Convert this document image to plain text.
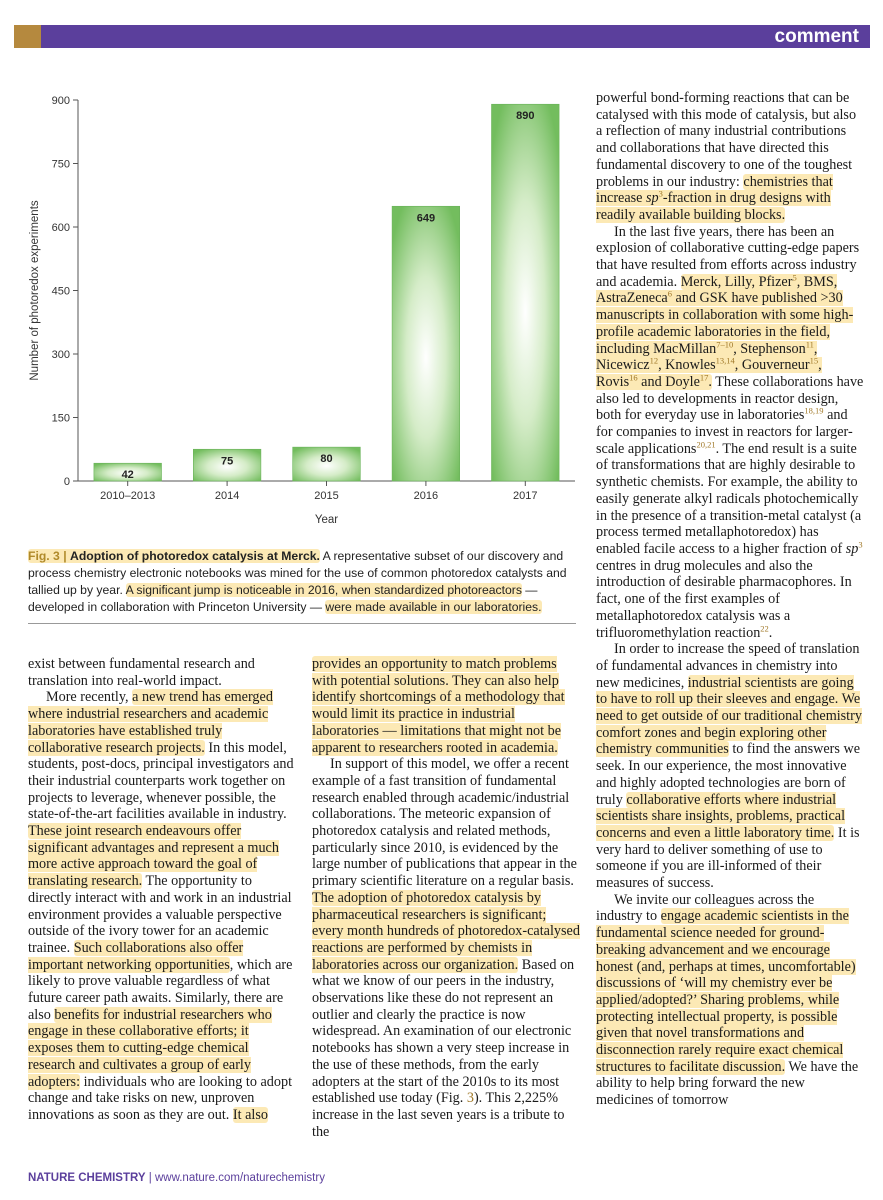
comment
0
150
300
450
600
750
900
42
2010–2013
75
2014
80
2015
649
2016
890
2017
Year
Number of photoredox experiments

Fig. 3 | Adoption of photoredox catalysis at Merck. A representative subset of our discovery and process chemistry electronic notebooks was mined for the use of common photoredox catalysts and tallied up by year. A significant jump is noticeable in 2016, when standardized photoreactors — developed in collaboration with Princeton University — were made available in our laboratories.

powerful bond-forming reactions that can be catalysed with this mode of catalysis, but also a reflection of many industrial contributions and collaborations that have directed this fundamental discovery to one of the toughest problems in our industry: chemistries that increase $sp^3$-fraction in drug designs with readily available building blocks.

In the last five years, there has been an explosion of collaborative cutting-edge papers that have resulted from efforts across industry and academia. Merck, Lilly, Pfizer$^5$, BMS, AstraZeneca$^6$ and GSK have published >30 manuscripts in collaboration with some high-profile academic laboratories in the field, including MacMillan$^{7-10}$, Stephenson$^{11}$, Nicewicz$^{12}$, Knowles$^{13,14}$, Gouverneur$^{15}$, Rovis$^{16}$ and Doyle$^{17}$. These collaborations have also led to developments in reactor design, both for everyday use in laboratories$^{18,19}$ and for companies to invest in reactors for larger-scale applications$^{20,21}$. The end result is a suite of transformations that are highly desirable to synthetic chemists. For example, the ability to easily generate alkyl radicals photochemically in the presence of a transition-metal catalyst (a process termed metallaphotoredox) has enabled facile access to a higher fraction of $sp^3$ centres in drug molecules and also the introduction of desirable pharmacophores. In fact, one of the first examples of metallaphotoredox catalysis was a trifluoromethylation reaction$^{22}$.

In order to increase the speed of translation of fundamental advances in chemistry into new medicines, industrial scientists are going to have to roll up their sleeves and engage. We need to get outside of our traditional chemistry comfort zones and begin exploring other chemistry communities to find the answers we seek. In our experience, the most innovative and highly adopted technologies are born of truly collaborative efforts where industrial scientists share insights, problems, practical concerns and even a little laboratory time. It is very hard to deliver something of use to someone if you are ill-informed of their measures of success.

We invite our colleagues across the industry to engage academic scientists in the fundamental science needed for ground-breaking advancement and we encourage honest (and, perhaps at times, uncomfortable) discussions of ‘will my chemistry ever be applied/adopted?’ Sharing problems, while protecting intellectual property, is possible given that novel transformations and disconnection rarely require exact chemical structures to facilitate discussion. We have the ability to help bring forward the new medicines of tomorrow

exist between fundamental research and translation into real-world impact.

More recently, a new trend has emerged where industrial researchers and academic laboratories have established truly collaborative research projects. In this model, students, post-docs, principal investigators and their industrial counterparts work together on projects to leverage, whenever possible, the state-of-the-art facilities available in industry. These joint research endeavours offer significant advantages and represent a much more active approach toward the goal of translating research. The opportunity to directly interact with and work in an industrial environment provides a valuable perspective outside of the ivory tower for an academic trainee. Such collaborations also offer important networking opportunities, which are likely to prove valuable regardless of what future career path awaits. Similarly, there are also benefits for industrial researchers who engage in these collaborative efforts; it exposes them to cutting-edge chemical research and cultivates a group of early adopters: individuals who are looking to adopt change and take risks on new, unproven innovations as soon as they are out. It also

provides an opportunity to match problems with potential solutions. They can also help identify shortcomings of a methodology that would limit its practice in industrial laboratories — limitations that might not be apparent to researchers rooted in academia.

In support of this model, we offer a recent example of a fast transition of fundamental research enabled through academic/industrial collaborations. The meteoric expansion of photoredox catalysis and related methods, particularly since 2010, is evidenced by the large number of publications that appear in the primary scientific literature on a regular basis. The adoption of photoredox catalysis by pharmaceutical researchers is significant; every month hundreds of photoredox-catalysed reactions are performed by chemists in laboratories across our organization. Based on what we know of our peers in the industry, observations like these do not represent an outlier and clearly the practice is now widespread. An examination of our electronic notebooks has shown a very steep increase in the use of these methods, from the early adopters at the start of the 2010s to its most established use today (Fig. 3). This 2,225% increase in the last seven years is a tribute to the

NATURE CHEMISTRY | www.nature.com/naturechemistry
